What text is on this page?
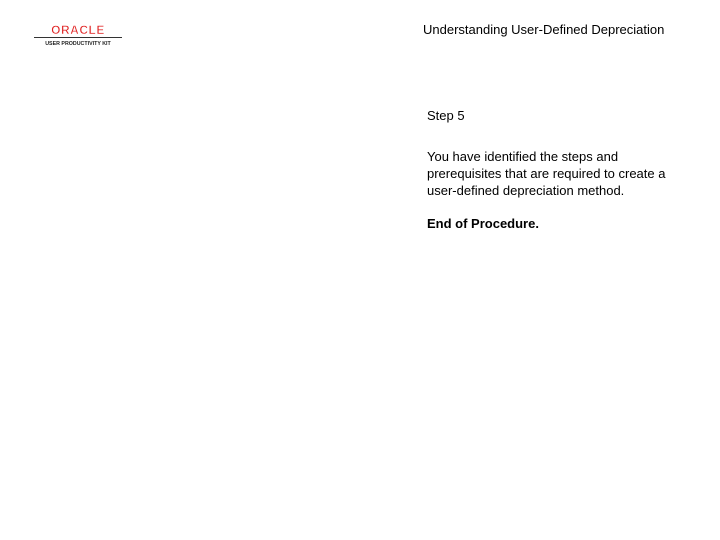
ORACLE
USER PRODUCTIVITY KIT
Understanding User-Defined Depreciation

Step 5

You have identified the steps and prerequisites that are required to create a user-defined depreciation method.

End of Procedure.
